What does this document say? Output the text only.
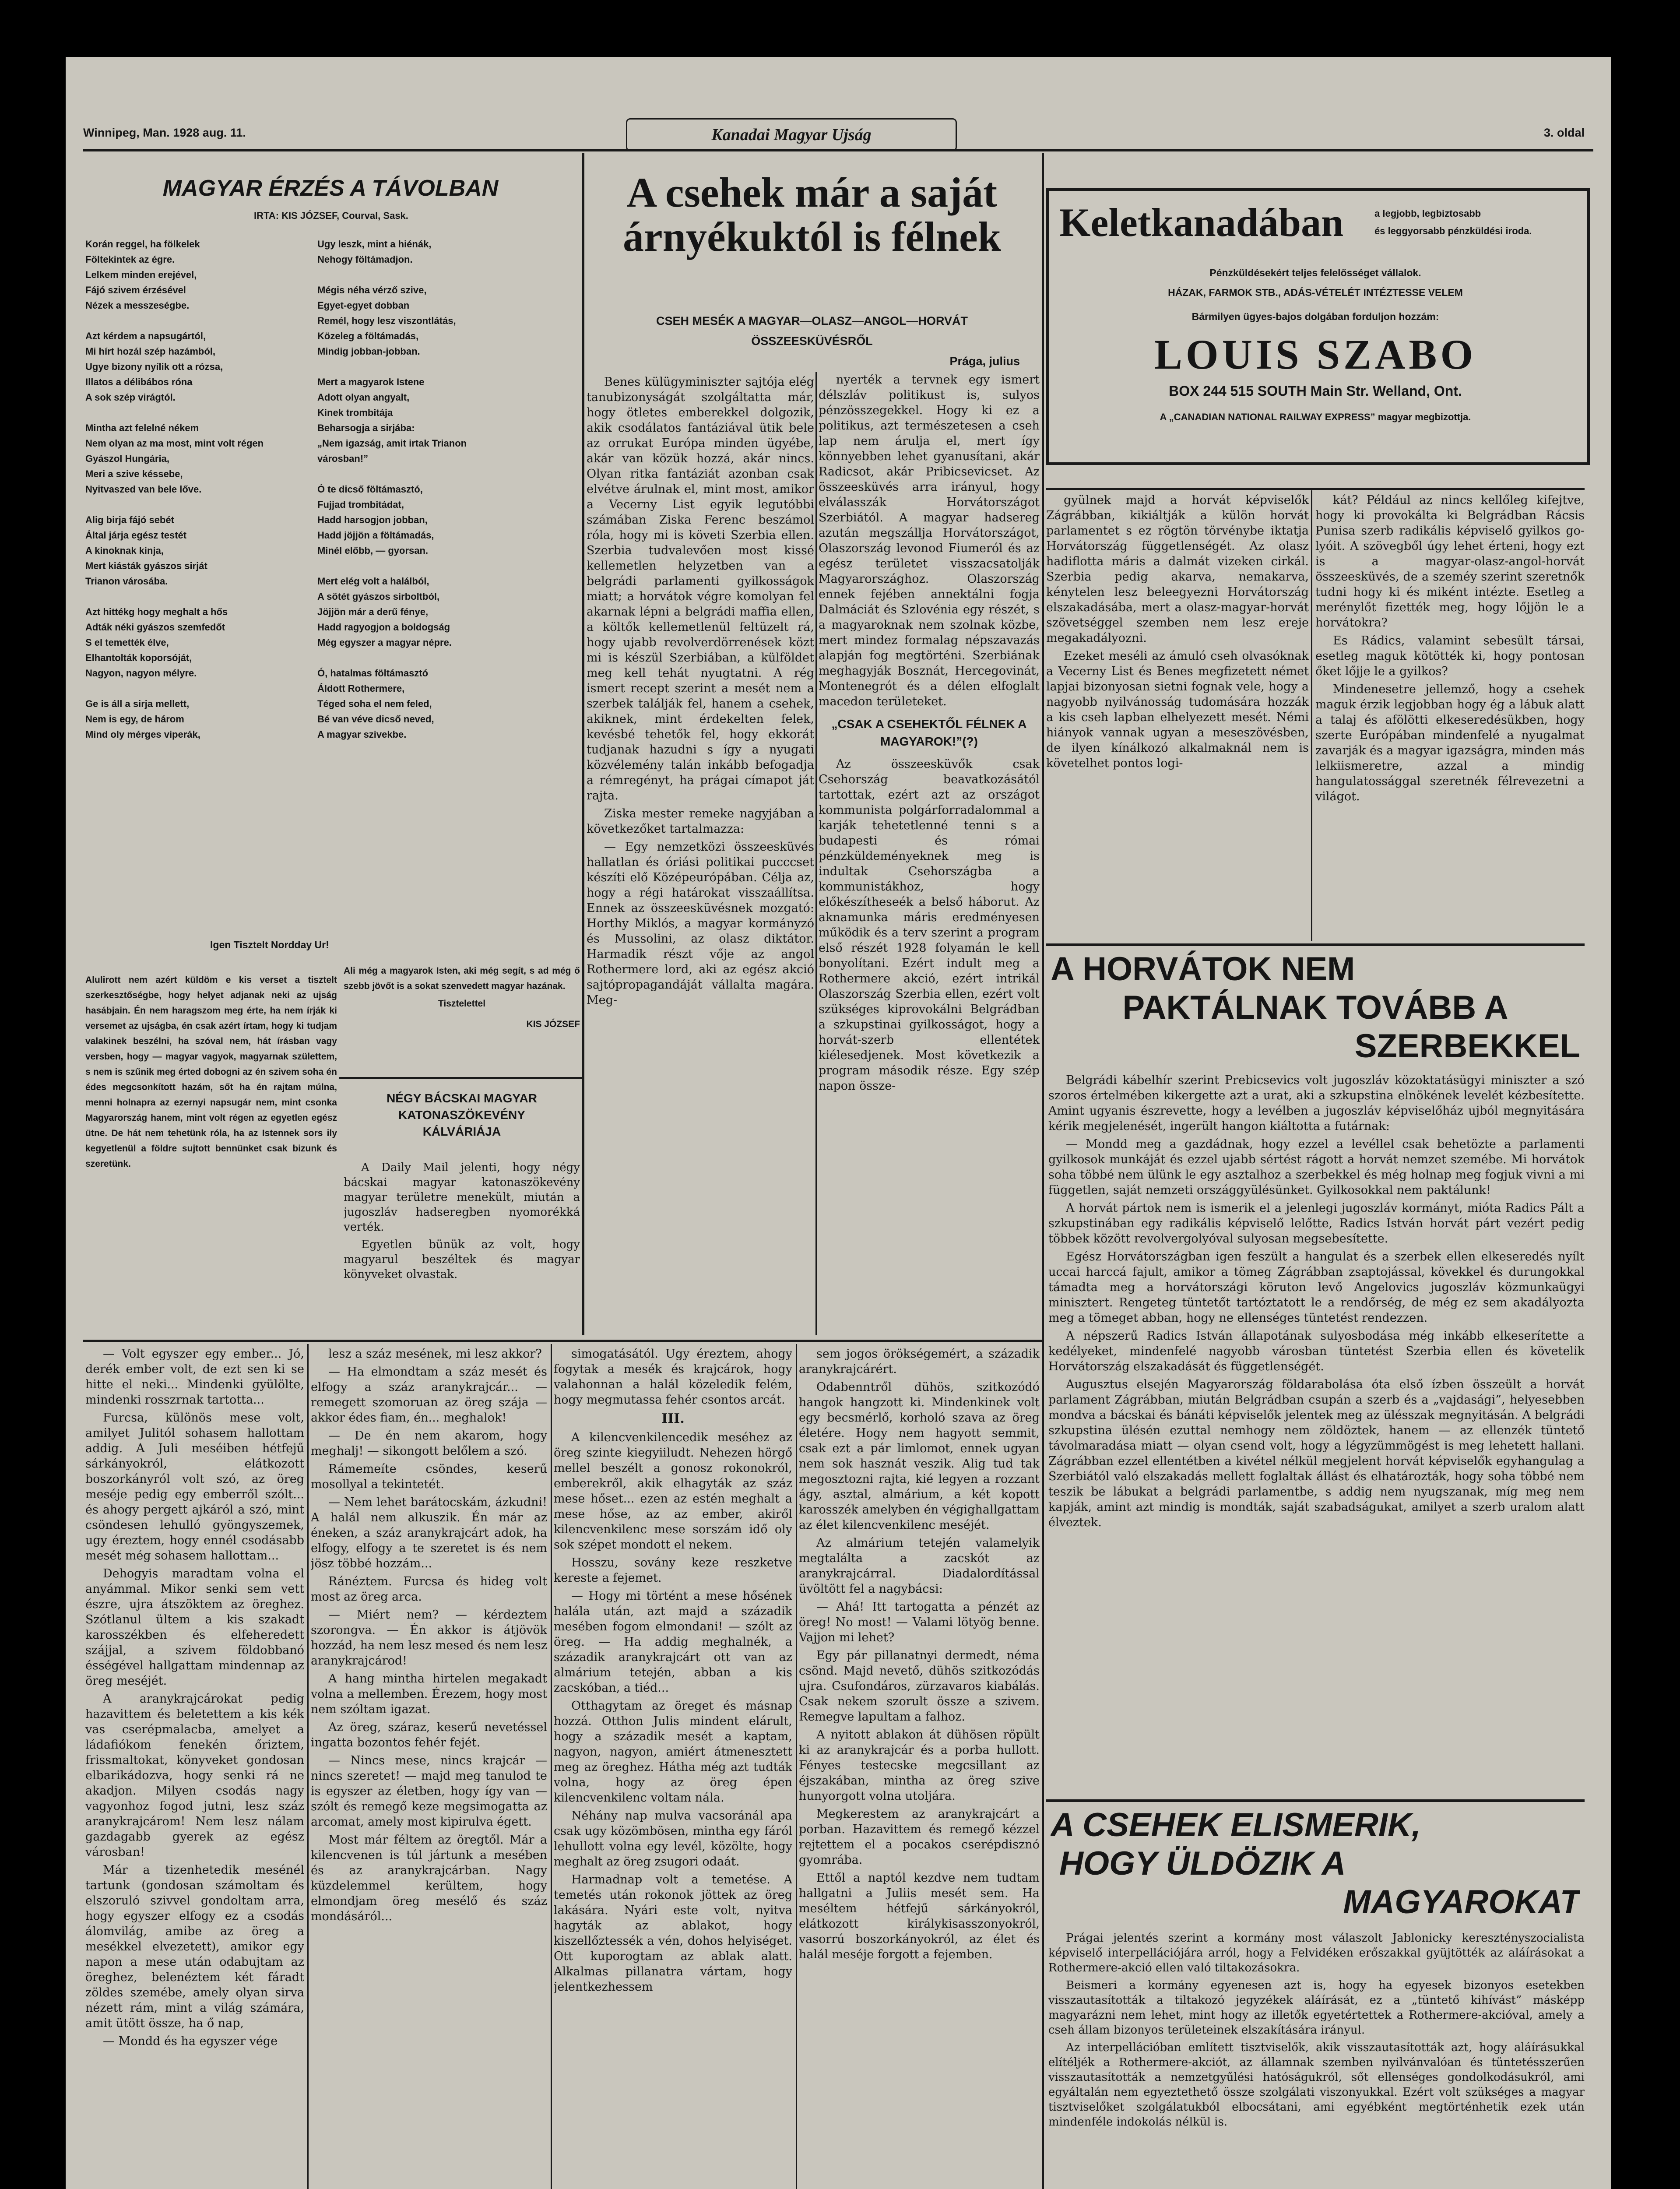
Winnipeg, Man. 1928 aug. 11.	Kanadai Magyar Ujság	3. oldal
MAGYAR ÉRZÉS A TÁVOLBAN
IRTA: KIS JÓZSEF, Courval, Sask.
Korán reggel, ha fölkelek
Föltekintek az égre.
Lelkem minden erejével,
Fájó szivem érzésével
Nézek a messzeségbe.
Azt kérdem a napsugártól,
Mi hírt hozál szép hazámból,
Ugye bizony nyílik ott a rózsa,
Illatos a délibábos róna
A sok szép virágtól.
Mintha azt felelné nékem
Nem olyan az ma most, mint volt régen
Gyászol Hungária,
Meri a szive késsebe,
Nyitvaszed van bele lőve.
Alig birja fájó sebét
Által járja egész testét
A kinoknak kinja,
Mert kiásták gyászos sirját
Trianon városába.
Azt hittékg hogy meghalt a hős
Adták néki gyászos szemfedőt
S el temették élve,
Elhantolták koporsóját,
Nagyon, nagyon mélyre.
Ge is áll a sirja mellett,
Nem is egy, de három
Mind oly mérges viperák,
Ugy leszk, mint a hiénák,
Nehogy föltámadjon.
Mégis néha vérző szive,
Egyet-egyet dobban
Remél, hogy lesz viszontlátás,
Közeleg a föltámadás,
Mindig jobban-jobban.
Mert a magyarok Istene
Adott olyan angyalt,
Kinek trombitája
Beharsogja a sirjába:
„Nem igazság, amit irtak Trianon
városban!”
Ó te dicső föltámasztó,
Fujjad trombitádat,
Hadd harsogjon jobban,
Hadd jöjjön a föltámadás,
Minél előbb, — gyorsan.
Mert elég volt a halálból,
A sötét gyászos sirboltból,
Jöjjön már a derű fénye,
Hadd ragyogjon a boldogság
Még egyszer a magyar népre.
Ó, hatalmas föltámasztó
Áldott Rothermere,
Téged soha el nem feled,
Bé van véve dicső neved,
A magyar szivekbe.
Igen Tisztelt Nordday Ur!

Alulirott nem azért küldöm e kis verset a tisztelt szerkesztőségbe, hogy helyet adjanak neki az ujság hasábjain. Én nem haragszom meg érte, ha nem írják ki versemet az ujságba, én csak azért írtam, hogy ki tudjam valakinek beszélni, ha szóval nem, hát írásban vagy versben, hogy — magyar vagyok, magyarnak születtem, s nem is szűnik meg érted dobogni az én szivem soha én édes megcsonkított hazám, sőt ha én rajtam múlna, menni holnapra az ezernyi napsugár nem, mint csonka Magyarország hanem, mint volt régen az egyetlen egész ütne. De hát nem tehetünk róla, ha az Istennek sors ily kegyetlenül a földre sujtott bennünket csak bizunk és szeretünk.

Ali még a magyarok Isten, aki még segít, s ad még ő szebb jövőt is a sokat szenvedett magyar hazának.

Tisztelettel
KIS JÓZSEF
NÉGY BÁCSKAI MAGYAR
KATONASZÖKEVÉNY
KÁLVÁRIÁJA

A Daily Mail jelenti, hogy négy bácskai magyar katonaszökevény magyar területre menekült, miután a jugoszláv hadseregben nyomorékká verték.

Egyetlen bünük az volt, hogy magyarul beszéltek és magyar könyveket olvastak.

A csehek már a saját
árnyékuktól is félnek
CSEH MESÉK A MAGYAR—OLASZ—ANGOL—HORVÁT ÖSSZEESKÜVÉSRŐL
Prága, julius

Benes külügyminiszter sajtója elég tanubizonyságát szolgáltatta már, hogy ötletes emberekkel dolgozik, akik csodálatos fantáziával ütik bele az orrukat Európa minden ügyébe, akár van közük hozzá, akár nincs. Olyan ritka fantáziát azonban csak elvétve árulnak el, mint most, amikor a Vecerny List egyik legutóbbi számában Ziska Ferenc beszámol róla, hogy mi is követi Szerbia ellen. Szerbia tudvalevően most kissé kellemetlen helyzetben van a belgrádi parlamenti gyilkosságok miatt; a horvátok végre komolyan fel akarnak lépni a belgrádi maffia ellen, a költők kellemetlenül feltüzelt rá, hogy ujabb revolverdörrenések közt mi is készül Szerbiában, a külföldet meg kell tehát nyugtatni. A rég ismert recept szerint a mesét nem a szerbek találják fel, hanem a csehek, akiknek, mint érdekelten felek, kevésbé tehetők fel, hogy ekkorát tudjanak hazudni s így a nyugati közvélemény talán inkább befogadja a rémregényt, ha prágai címapot ját rajta.

Ziska mester remeke nagyjában a következőket tartalmazza:

— Egy nemzetközi összeesküvés hallatlan és óriási politikai pucccset készíti elő Középeurópában. Célja az, hogy a régi határokat visszaállítsa. Ennek az összeesküvésnek mozgató: Horthy Miklós, a magyar kormányzó és Mussolini, az olasz diktátor. Harmadik részt vője az angol Rothermere lord, aki az egész akció sajtópropagandáját vállalta magára. Meg-

nyerték a tervnek egy ismert délszláv politikust is, sulyos pénzösszegekkel. Hogy ki ez a politikus, azt természetesen a cseh lap nem árulja el, mert így könnyebben lehet gyanusítani, akár Radicsot, akár Pribicsevicset. Az összeesküvés arra irányul, hogy elválasszák Horvátországot Szerbiától. A magyar hadsereg azután megszállja Horvátországot, Olaszország levonod Fiumeról és az egész területet visszacsatolják Magyarországhoz. Olaszország ennek fejében annektálni fogja Dalmáciát és Szlovénia egy részét, s a magyaroknak nem szolnak közbe, mert mindez formalag népszavazás alapján fog megtörténi. Szerbiának meghagyják Bosznát, Hercegovinát, Montenegrót és a délen elfoglalt macedon területeket.

„CSAK A CSEHEKTŐL FÉLNEK A MAGYAROK!”(?)

Az összeesküvők csak Csehország beavatkozásától tartottak, ezért azt az országot kommunista polgárforradalommal a karják tehetetlenné tenni s a budapesti és római pénzküldeményeknek meg is indultak Csehországba a kommunistákhoz, hogy előkészítheseék a belső háborut. Az aknamunka máris eredményesen működik és a terv szerint a program első részét 1928 folyamán le kell bonyolítani. Ezért indult meg a Rothermere akció, ezért intrikál Olaszország Szerbia ellen, ezért volt szükséges kiprovokálni Belgrádban a szkupstinai gyilkosságot, hogy a horvát-szerb ellentétek kiélesedjenek. Most következik a program második része. Egy szép napon össze-

Keletkanadában	a legjobb, legbiztosabb
és leggyorsabb pénzküldési iroda.
Pénzküldésekért teljes felelősséget vállalok.
HÁZAK, FARMOK STB., ADÁS-VÉTELÉT INTÉZTESSE VELEM
Bármilyen ügyes-bajos dolgában forduljon hozzám:
LOUIS SZABO
BOX 244 515 SOUTH Main Str. Welland, Ont.
A „CANADIAN NATIONAL RAILWAY EXPRESS” magyar megbizottja.

gyülnek majd a horvát képviselők Zágrábban, kikiáltják a külön horvát parlamentet s ez rögtön törvénybe iktatja Horvátország függetlenségét. Az olasz hadiflotta máris a dalmát vizeken cirkál. Szerbia pedig akarva, nemakarva, kénytelen lesz beleegyezni Horvátország elszakadásába, mert a olasz-magyar-horvát szövetséggel szemben nem lesz ereje megakadályozni.

Ezeket meséli az ámuló cseh olvasóknak a Vecerny List és Benes megfizetett német lapjai bizonyosan sietni fognak vele, hogy a nagyobb nyilvánosság tudomására hozzák a kis cseh lapban elhelyezett mesét. Némi hiányok vannak ugyan a meseszövésben, de ilyen kínálkozó alkalmaknál nem is követelhet pontos logi-

kát? Például az nincs kellőleg kifejtve, hogy ki provokálta ki Belgrádban Rácsis Punisa szerb radikális képviselő gyilkos go-lyóit. A szövegből úgy lehet érteni, hogy ezt is a magyar-olasz-angol-horvát összeesküvés, de a szeméy szerint szeretnők tudni hogy ki és miként intézte. Esetleg a merénylőt fizették meg, hogy lőjjön le a horvátokra?

Es Rádics, valamint sebesült társai, esetleg maguk kötötték ki, hogy pontosan őket lőjje le a gyilkos?

Mindenesetre jellemző, hogy a csehek maguk érzik legjobban hogy ég a lábuk alatt a talaj és afölötti elkeseredésükben, hogy szerte Európában mindenfelé a nyugalmat zavarják és a magyar igazságra, minden más lelkiismeretre, azzal a mindig hangulatossággal szeretnék félrevezetni a világot.

A HORVÁTOK NEM
PAKTÁLNAK TOVÁBB A
SZERBEKKEL

Belgrádi kábelhír szerint Prebicsevics volt jugoszláv közoktatásügyi miniszter a szó szoros értelmében kikergette azt a urat, aki a szkupstina elnökének levelét kézbesítette. Amint ugyanis észrevette, hogy a levélben a jugoszláv képviselőház ujból megnyitására kérik megjelenését, ingerült hangon kiáltotta a futárnak:

— Mondd meg a gazdádnak, hogy ezzel a levéllel csak behetözte a parlamenti gyilkosok munkáját és ezzel ujabb sértést rágott a horvát nemzet szemébe. Mi horvátok soha többé nem ülünk le egy asztalhoz a szerbekkel és még holnap meg fogjuk vivni a mi független, saját nemzeti országgyülésünket. Gyilkosokkal nem paktálunk!

A horvát pártok nem is ismerik el a jelenlegi jugoszláv kormányt, mióta Radics Pált a szkupstinában egy radikális képviselő lelőtte, Radics István horvát párt vezért pedig többek között revolvergolyóval sulyosan megsebesítette.

Egész Horvátországban igen feszült a hangulat és a szerbek ellen elkeseredés nyílt uccai harccá fajult, amikor a tömeg Zágrábban zsaptojással, kövekkel és durungokkal támadta meg a horvátországi köruton levő Angelovics jugoszláv közmunkaügyi minisztert. Rengeteg tüntetőt tartóztatott le a rendőrség, de még ez sem akadályozta meg a tömeget abban, hogy ne ellenséges tüntetést rendezzen.

A népszerű Radics István állapotának sulyosbodása még inkább elkeserítette a kedélyeket, mindenfelé nagyobb városban tüntetést Szerbia ellen és követelik Horvátország elszakadását és függetlenségét.

Augusztus elsején Magyarország földarabolása óta első ízben összeült a horvát parlament Zágrábban, miután Belgrádban csupán a szerb és a „vajdasági”, helyesebben mondva a bácskai és bánáti képviselők jelentek meg az ülésszak megnyitásán. A belgrádi szkupstina ülésén ezuttal nemhogy nem zöldöztek, hanem — az ellenzék tüntető távolmaradása miatt — olyan csend volt, hogy a légyzümmögést is meg lehetett hallani. Zágrábban ezzel ellentétben a kivétel nélkül megjelent horvát képviselők egyhangulag a Szerbiától való elszakadás mellett foglaltak állást és elhatározták, hogy soha többé nem teszik be lábukat a belgrádi parlamentbe, s addig nem nyugszanak, míg meg nem kapják, amint azt mindig is mondták, saját szabadságukat, amilyet a szerb uralom alatt élveztek.

A CSEHEK ELISMERIK,
HOGY ÜLDÖZIK A
MAGYAROKAT

Prágai jelentés szerint a kormány most válaszolt Jablonicky keresztényszocialista képviselő interpellációjára arról, hogy a Felvidéken erőszakkal gyüjtötték az aláírásokat a Rothermere-akció ellen való tiltakozásokra.

Beismeri a kormány egyenesen azt is, hogy ha egyesek bizonyos esetekben visszautasították a tiltakozó jegyzékek aláírását, ez a „tüntető kihívást” másképp magyarázni nem lehet, mint hogy az illetők egyetértettek a Rothermere-akcióval, amely a cseh állam bizonyos területeinek elszakítására irányul.

Az interpellációban említett tisztviselők, akik visszautasították azt, hogy aláírásukkal elítéljék a Rothermere-akciót, az államnak szemben nyilvánvalóan és tüntetésszerűen visszautasították a nemzetgyűlési hatóságukról, sőt ellenséges gondolkodásukról, ami egyáltalán nem egyeztethető össze szolgálati viszonyukkal. Ezért volt szükséges a magyar tisztviselőket szolgálatukból elbocsátani, ami egyébként megtörténhetik ezek után mindenféle indokolás nélkül is.

— Volt egyszer egy ember... Jó, derék ember volt, de ezt sen ki se hitte el neki... Mindenki gyülölte, mindenki rosszrnak tartotta...

Furcsa, különös mese volt, amilyet Julitól sohasem hallottam addig. A Juli meséiben hétfejű sárkányokról, elátkozott boszorkányról volt szó, az öreg meséje pedig egy emberről szólt... és ahogy pergett ajkáról a szó, mint csöndesen lehulló gyöngyszemek, ugy éreztem, hogy ennél csodásabb mesét még sohasem hallottam...

Dehogyis maradtam volna el anyámmal. Mikor senki sem vett észre, ujra átszöktem az öreghez. Szótlanul ültem a kis szakadt karosszékben és elfeheredett szájjal, a szivem földobbanó ésségével hallgattam mindennap az öreg meséjét.

A aranykrajcárokat pedig hazavittem és beletettem a kis kék vas cserépmalacba, amelyet a ládafiókom fenekén őriztem, frissmaltokat, könyveket gondosan elbarikádozva, hogy senki rá ne akadjon. Milyen csodás nagy vagyonhoz fogod jutni, lesz száz aranykrajcárom! Nem lesz nálam gazdagabb gyerek az egész városban!

Már a tizenhetedik mesénél tartunk (gondosan számoltam és elszoruló szivvel gondoltam arra, hogy egyszer elfogy ez a csodás álomvilág, amibe az öreg a mesékkel elvezetett), amikor egy napon a mese után odabujtam az öreghez, belenéztem két fáradt zöldes szemébe, amely olyan sirva nézett rám, mint a világ számára, amit ütött össze, ha ő nap,

— Mondd és ha egyszer vége

lesz a száz mesének, mi lesz akkor?

— Ha elmondtam a száz mesét és elfogy a száz aranykrajcár... — remegett szomoruan az öreg szája — akkor édes fiam, én... meghalok!

— De én nem akarom, hogy meghalj! — sikongott belőlem a szó.

Rámemeíte csöndes, keserű mosollyal a tekintetét.

— Nem lehet barátocskám, ázkudni! A halál nem alkuszik. Én már az éneken, a száz aranykrajcárt adok, ha elfogy, elfogy a te szeretet is és nem jösz többé hozzám...

Ránéztem. Furcsa és hideg volt most az öreg arca.

— Miért nem? — kérdeztem szorongva. — Én akkor is átjövök hozzád, ha nem lesz mesed és nem lesz aranykrajcárod!

A hang mintha hirtelen megakadt volna a mellemben. Érezem, hogy most nem szóltam igazat.

Az öreg, száraz, keserű nevetéssel ingatta bozontos fehér fejét.

— Nincs mese, nincs krajcár — nincs szeretet! — majd meg tanulod te is egyszer az életben, hogy így van — szólt és remegő keze megsimogatta az arcomat, amely most kipirulva égett.

Most már féltem az öregtől. Már a kilencvenen is túl jártunk a mesében és az aranykrajcárban. Nagy küzdelemmel kerültem, hogy elmondjam öreg mesélő és száz mondásáról...

simogatásától. Ugy éreztem, ahogy fogytak a mesék és krajcárok, hogy valahonnan a halál közeledik felém, hogy megmutassa fehér csontos arcát.

III.

A kilencvenkilencedik meséhez az öreg szinte kiegyiiludt. Nehezen hörgő mellel beszélt a gonosz rokonokról, emberekről, akik elhagyták az száz mese hőset... ezen az estén meghalt a mese hőse, az az ember, akiről kilencvenkilenc mese sorszám idő oly sok szépet mondott el nekem.

Hosszu, sovány keze reszketve kereste a fejemet.

— Hogy mi történt a mese hősének halála után, azt majd a századik mesében fogom elmondani! — szólt az öreg. — Ha addig meghalnék, a századik aranykrajcárt ott van az almárium tetején, abban a kis zacskóban, a tiéd...

Otthagytam az öreget és másnap hozzá. Otthon Julis mindent elárult, hogy a századik mesét a kaptam, nagyon, nagyon, amiért átmenesztett meg az öreghez. Hátha még azt tudták volna, hogy az öreg épen kilencvenkilenc voltam nála.

Néhány nap mulva vacsoránál apa csak ugy közömbösen, mintha egy fáról lehullott volna egy levél, közölte, hogy meghalt az öreg zsugori odaát.

Harmadnap volt a temetése. A temetés után rokonok jöttek az öreg lakására. Nyári este volt, nyitva hagyták az ablakot, hogy kiszellőztessék a vén, dohos helyiséget. Ott kuporogtam az ablak alatt. Alkalmas pillanatra vártam, hogy jelentkezhessem

sem jogos örökségemért, a századik aranykrajcárért.

Odabenntről dühös, szitkozódó hangok hangzott ki. Mindenkinek volt egy becsmérlő, korholó szava az öreg életére. Hogy nem hagyott semmit, csak ezt a pár limlomot, ennek ugyan nem sok hasznát veszik. Alig tud tak megosztozni rajta, kié legyen a rozzant ágy, asztal, almárium, a két kopott karosszék amelyben én végighallgattam az élet kilencvenkilenc meséjét.

Az almárium tetején valamelyik megtalálta a zacskót az aranykrajcárral. Diadalordítással üvöltött fel a nagybácsi:

— Ahá! Itt tartogatta a pénzét az öreg! No most! — Valami lötyög benne. Vajjon mi lehet?

Egy pár pillanatnyi dermedt, néma csönd. Majd nevető, dühös szitkozódás ujra. Csufondáros, zürzavaros kiabálás. Csak nekem szorult össze a szivem. Remegve lapultam a falhoz.

A nyitott ablakon át dühösen röpült ki az aranykrajcár és a porba hullott. Fényes testecske megcsillant az éjszakában, mintha az öreg szive hunyorgott volna utoljára.

Megkerestem az aranykrajcárt a porban. Hazavittem és remegő kézzel rejtettem el a pocakos cserépdisznó gyomrába.

Ettől a naptól kezdve nem tudtam hallgatni a Juliis mesét sem. Ha meséltem hétfejű sárkányokról, elátkozott királykisasszonyokról, vasorrú boszorkányokról, az élet és halál meséje forgott a fejemben.
